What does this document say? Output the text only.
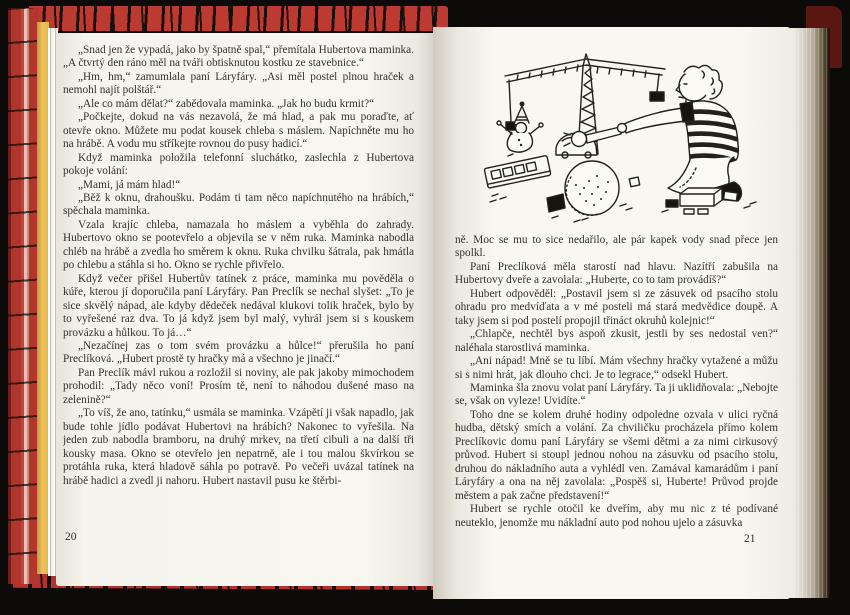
„Snad jen že vypadá, jako by špatně spal,“ přemítala Hubertova maminka. „A čtvrtý den ráno měl na tváři obtisknutou kostku ze stavebnice.“

„Hm, hm,“ zamumlala paní Láryfáry. „Asi měl postel plnou hraček a nemohl najít polštář.“

„Ale co mám dělat?“ zabědovala maminka. „Jak ho budu krmit?“

„Počkejte, dokud na vás nezavolá, že má hlad, a pak mu poraďte, ať otevře okno. Můžete mu podat kousek chleba s máslem. Napíchněte mu ho na hrábě. A vodu mu stříkejte rovnou do pusy hadicí.“

Když maminka položila telefonní sluchátko, zaslechla z Hubertova pokoje volání:

„Mami, já mám hlad!“

„Běž k oknu, drahoušku. Podám ti tam něco napíchnutého na hrábích,“ spěchala maminka.

Vzala krajíc chleba, namazala ho máslem a vyběhla do zahrady. Hubertovo okno se pootevřelo a objevila se v něm ruka. Maminka nabodla chléb na hrábě a zvedla ho směrem k oknu. Ruka chvilku šátrala, pak hmátla po chlebu a stáhla si ho. Okno se rychle přivřelo.

Když večer přišel Hubertův tatínek z práce, maminka mu pověděla o kúře, kterou jí doporučila paní Láryfáry. Pan Preclík se nechal slyšet: „To je sice skvělý nápad, ale kdyby dědeček nedával klukovi tolik hraček, bylo by to vyřešené raz dva. To já když jsem byl malý, vyhrál jsem si s kouskem provázku a hůlkou. To já…“

„Nezačínej zas o tom svém provázku a hůlce!“ přerušila ho paní Preclíková. „Hubert prostě ty hračky má a všechno je jinačí.“

Pan Preclík mávl rukou a rozložil si noviny, ale pak jakoby mimochodem prohodil: „Tady něco voní! Prosím tě, není to náhodou dušené maso na zelenině?“

„To víš, že ano, tatínku,“ usmála se maminka. Vzápětí ji však napadlo, jak bude tohle jídlo podávat Hubertovi na hrábích? Nakonec to vyřešila. Na jeden zub nabodla bramboru, na druhý mrkev, na třetí cibuli a na další tři kousky masa. Okno se otevřelo jen nepatrně, ale i tou malou škvírkou se protáhla ruka, která hladově sáhla po potravě. Po večeři uvázal tatínek na hrábě hadici a zvedl ji nahoru. Hubert nastavil pusu ke štěrbi-

ně. Moc se mu to sice nedařilo, ale pár kapek vody snad přece jen spolkl.

Paní Preclíková měla starostí nad hlavu. Nazítří zabušila na Hubertovy dveře a zavolala: „Huberte, co to tam provádíš?“

Hubert odpověděl: „Postavil jsem si ze zásuvek od psacího stolu ohradu pro medvíďata a v mé posteli má stará medvědice doupě. A taky jsem si pod postelí propojil třináct okruhů kolejnic!“

„Chlapče, nechtěl bys aspoň zkusit, jestli by ses nedostal ven?“ naléhala starostlivá maminka.

„Ani nápad! Mně se tu líbí. Mám všechny hračky vytažené a můžu si s nimi hrát, jak dlouho chci. Je to legrace,“ odsekl Hubert.

Maminka šla znovu volat paní Láryfáry. Ta ji uklidňovala: „Nebojte se, však on vyleze! Uvidíte.“

Toho dne se kolem druhé hodiny odpoledne ozvala v ulici ryčná hudba, dětský smích a volání. Za chviličku procházela přímo kolem Preclíkovic domu paní Láryfáry se všemi dětmi a za nimi cirkusový průvod. Hubert si stoupl jednou nohou na zásuvku od psacího stolu, druhou do nákladního auta a vyhlédl ven. Zamával kamarádům i paní Láryfáry a ona na něj zavolala: „Pospěš si, Huberte! Průvod projde městem a pak začne představení!“

Hubert se rychle otočil ke dveřím, aby mu nic z té podívané neuteklo, jenomže mu nákladní auto pod nohou ujelo a zásuvka

20	21
